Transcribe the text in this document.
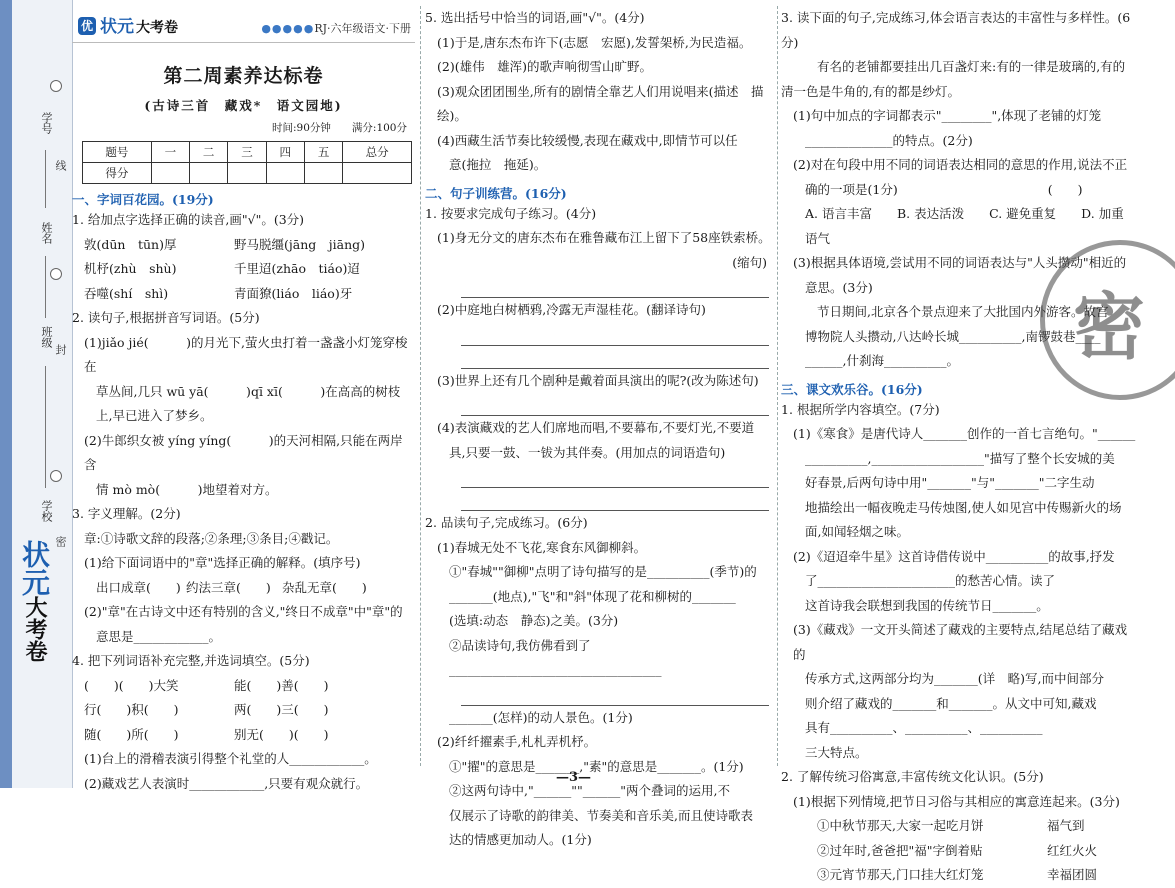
学号
姓名
班级
学校
线
封
密
状元大考卷
优 状元 大考卷	●●●●●RJ·六年级语文·下册
第二周素养达标卷
(古诗三首　藏戏*　语文园地)
时间:90分钟　　满分:100分
题号	一	二	三	四	五	总分
得分						
一、字词百花园。(19分)
1. 给加点字选择正确的读音,画"√"。(3分)
敦(dūn　tūn)厚	野马脱缰(jāng　jiāng)
机杼(zhù　shù)	千里迢(zhāo　tiáo)迢
吞噬(shí　shì)	青面獠(liáo　liáo)牙
2. 读句子,根据拼音写词语。(5分)
(1)jiǎo jié(　　　)的月光下,萤火虫打着一盏盏小灯笼穿梭在
草丛间,几只 wū yā(　　　)qī xī(　　　)在高高的树枝
上,早已进入了梦乡。
(2)牛郎织女被 yíng yíng(　　　)的天河相隔,只能在两岸含
情 mò mò(　　　)地望着对方。
3. 字义理解。(2分)
章:①诗歌文辞的段落;②条理;③条目;④戳记。
(1)给下面词语中的"章"选择正确的解释。(填序号)
出口成章(　　) 约法三章(　　) 杂乱无章(　　)
(2)"章"在古诗文中还有特别的含义,"终日不成章"中"章"的
意思是____________。
4. 把下列词语补充完整,并选词填空。(5分)
(　　)(　　)大笑	能(　　)善(　　)
行(　　)积(　　)	两(　　)三(　　)
随(　　)所(　　)	别无(　　)(　　)
(1)台上的滑稽表演引得整个礼堂的人____________。
(2)藏戏艺人表演时____________,只要有观众就行。
5. 选出括号中恰当的词语,画"√"。(4分)
(1)于是,唐东杰布许下(志愿　宏愿),发誓架桥,为民造福。
(2)(雄伟　雄浑)的歌声响彻雪山旷野。
(3)观众团团围坐,所有的剧情全靠艺人们用说唱来(描述　描绘)。
(4)西藏生活节奏比较缓慢,表现在藏戏中,即情节可以任
意(拖拉　拖延)。
二、句子训练营。(16分)
1. 按要求完成句子练习。(4分)
(1)身无分文的唐东杰布在雅鲁藏布江上留下了58座铁索桥。
(缩句)
(2)中庭地白树栖鸦,冷露无声湿桂花。(翻译诗句)
(3)世界上还有几个剧种是戴着面具演出的呢?(改为陈述句)
(4)表演藏戏的艺人们席地而唱,不要幕布,不要灯光,不要道
具,只要一鼓、一钹为其伴奏。(用加点的词语造句)
2. 品读句子,完成练习。(6分)
(1)春城无处不飞花,寒食东风御柳斜。
①"春城""御柳"点明了诗句描写的是__________(季节)的
_______(地点),"飞"和"斜"体现了花和柳树的_______
(选填:动态　静态)之美。(3分)
②品读诗句,我仿佛看到了__________________________________
_______(怎样)的动人景色。(1分)
(2)纤纤擢素手,札札弄机杼。
①"擢"的意思是_______,"素"的意思是_______。(1分)
②这两句诗中,"______""______"两个叠词的运用,不
仅展示了诗歌的韵律美、节奏美和音乐美,而且使诗歌表
达的情感更加动人。(1分)
3. 读下面的句子,完成练习,体会语言表达的丰富性与多样性。(6分)
有名的老铺都要挂出几百盏灯来:有的一律是玻璃的,有的
清一色是牛角的,有的都是纱灯。
(1)句中加点的字词都表示"________",体现了老铺的灯笼
______________的特点。(2分)
(2)对在句段中用不同的词语表达相同的意思的作用,说法不正
确的一项是(1分)　　　　　　　　　　　　(　　)
A. 语言丰富　　B. 表达活泼　　C. 避免重复　　D. 加重语气
(3)根据具体语境,尝试用不同的词语表达与"人头攒动"相近的
意思。(3分)
节日期间,北京各个景点迎来了大批国内外游客。故宫
博物院人头攒动,八达岭长城__________,南锣鼓巷____
______,什刹海__________。
三、课文欢乐谷。(16分)
1. 根据所学内容填空。(7分)
(1)《寒食》是唐代诗人_______创作的一首七言绝句。"______
__________,__________________"描写了整个长安城的美
好春景,后两句诗中用"_______"与"_______"二字生动
地描绘出一幅夜晚走马传烛图,使人如见宫中传赐新火的场
面,如闻轻烟之味。
(2)《迢迢牵牛星》这首诗借传说中__________的故事,抒发
了______________________的愁苦心情。读了
这首诗我会联想到我国的传统节日_______。
(3)《藏戏》一文开头简述了藏戏的主要特点,结尾总结了藏戏的
传承方式,这两部分均为_______(详　略)写,而中间部分
则介绍了藏戏的_______和_______。从文中可知,藏戏
具有__________、__________、__________
三大特点。
2. 了解传统习俗寓意,丰富传统文化认识。(5分)
(1)根据下列情境,把节日习俗与其相应的寓意连起来。(3分)
①中秋节那天,大家一起吃月饼	福气到
②过年时,爸爸把"福"字倒着贴	红红火火
③元宵节那天,门口挂大红灯笼	幸福团圆
密
—3—
